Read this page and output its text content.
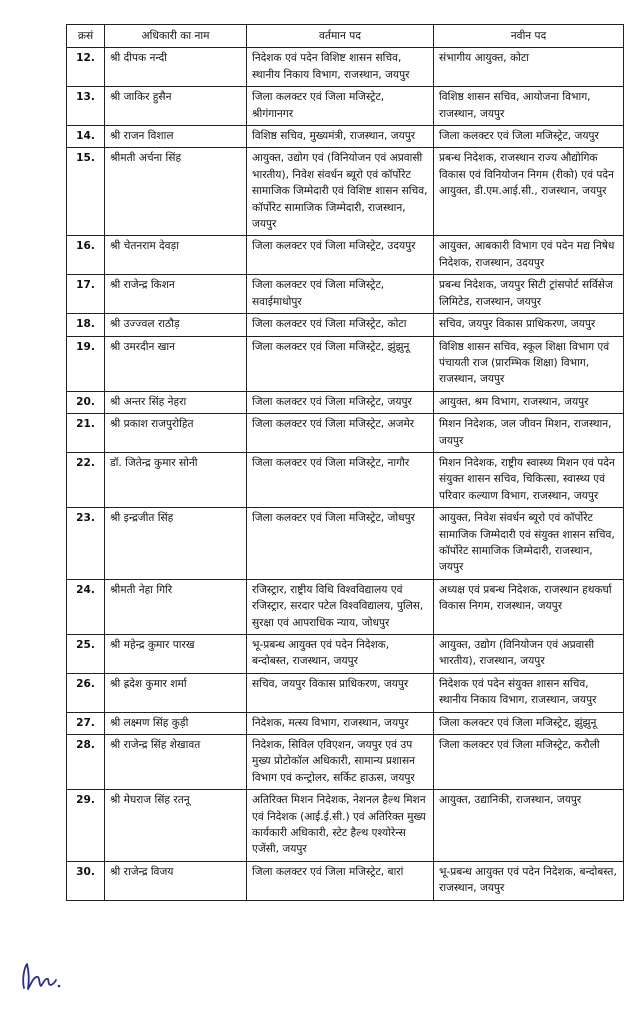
क्रसं	अधिकारी का नाम	वर्तमान पद	नवीन पद
12.	श्री दीपक नन्दी	निदेशक एवं पदेन विशिष्ट शासन सचिव, स्थानीय निकाय विभाग, राजस्थान, जयपुर	संभागीय आयुक्त, कोटा
13.	श्री जाकिर हुसैन	जिला कलक्टर एवं जिला मजिस्ट्रेट, श्रीगंगानगर	विशिष्ठ शासन सचिव, आयोजना विभाग, राजस्थान, जयपुर
14.	श्री राजन विशाल	विशिष्ठ सचिव, मुख्यमंत्री, राजस्थान, जयपुर	जिला कलक्टर एवं जिला मजिस्ट्रेट, जयपुर
15.	श्रीमती अर्चना सिंह	आयुक्त, उद्योग एवं (विनियोजन एवं अप्रवासी भारतीय), निवेश संवर्धन ब्यूरो एवं कॉर्पोरेट सामाजिक जिम्मेदारी एवं विशिष्ट शासन सचिव, कॉर्पोरेट सामाजिक जिम्मेदारी, राजस्थान, जयपुर	प्रबन्ध निदेशक, राजस्थान राज्य औद्योगिक विकास एवं विनियोजन निगम (रीको) एवं पदेन आयुक्त, डी.एम.आई.सी., राजस्थान, जयपुर
16.	श्री चेतनराम देवड़ा	जिला कलक्टर एवं जिला मजिस्ट्रेट, उदयपुर	आयुक्त, आबकारी विभाग एवं पदेन मद्य निषेध निदेशक, राजस्थान, उदयपुर
17.	श्री राजेन्द्र किशन	जिला कलक्टर एवं जिला मजिस्ट्रेट, सवाईमाधोपुर	प्रबन्ध निदेशक, जयपुर सिटी ट्रांसपोर्ट सर्विसेज लिमिटेड, राजस्थान, जयपुर
18.	श्री उज्ज्वल राठौड़	जिला कलक्टर एवं जिला मजिस्ट्रेट, कोटा	सचिव, जयपुर विकास प्राधिकरण, जयपुर
19.	श्री उमरदीन खान	जिला कलक्टर एवं जिला मजिस्ट्रेट, झुंझुनू	विशिष्ठ शासन सचिव, स्कूल शिक्षा विभाग एवं पंचायती राज (प्रारम्भिक शिक्षा) विभाग, राजस्थान, जयपुर
20.	श्री अन्तर सिंह नेहरा	जिला कलक्टर एवं जिला मजिस्ट्रेट, जयपुर	आयुक्त, श्रम विभाग, राजस्थान, जयपुर
21.	श्री प्रकाश राजपुरोहित	जिला कलक्टर एवं जिला मजिस्ट्रेट, अजमेर	मिशन निदेशक, जल जीवन मिशन, राजस्थान, जयपुर
22.	डॉ. जितेन्द्र कुमार सोनी	जिला कलक्टर एवं जिला मजिस्ट्रेट, नागौर	मिशन निदेशक, राष्ट्रीय स्वास्थ्य मिशन एवं पदेन संयुक्त शासन सचिव, चिकित्सा, स्वास्थ्य एवं परिवार कल्याण विभाग, राजस्थान, जयपुर
23.	श्री इन्द्रजीत सिंह	जिला कलक्टर एवं जिला मजिस्ट्रेट, जोधपुर	आयुक्त, निवेश संवर्धन ब्यूरो एवं कॉर्पोरेट सामाजिक जिम्मेदारी एवं संयुक्त शासन सचिव, कॉर्पोरेट सामाजिक जिम्मेदारी, राजस्थान, जयपुर
24.	श्रीमती नेहा गिरि	रजिस्ट्रार, राष्ट्रीय विधि विश्वविद्यालय एवं रजिस्ट्रार, सरदार पटेल विश्वविद्यालय, पुलिस, सुरक्षा एवं आपराधिक न्याय, जोधपुर	अध्यक्ष एवं प्रबन्ध निदेशक, राजस्थान हथकर्घा विकास निगम, राजस्थान, जयपुर
25.	श्री महेन्द्र कुमार पारख	भू-प्रबन्ध आयुक्त एवं पदेन निदेशक, बन्दोबस्त, राजस्थान, जयपुर	आयुक्त, उद्योग (विनियोजन एवं अप्रवासी भारतीय), राजस्थान, जयपुर
26.	श्री ह्रदेश कुमार शर्मा	सचिव, जयपुर विकास प्राधिकरण, जयपुर	निदेशक एवं पदेन संयुक्त शासन सचिव, स्थानीय निकाय विभाग, राजस्थान, जयपुर
27.	श्री लक्ष्मण सिंह कुड़ी	निदेशक, मत्स्य विभाग, राजस्थान, जयपुर	जिला कलक्टर एवं जिला मजिस्ट्रेट, झुंझुनू
28.	श्री राजेन्द्र सिंह शेखावत	निदेशक, सिविल एविएशन, जयपुर एवं उप मुख्य प्रोटोकॉल अधिकारी, सामान्य प्रशासन विभाग एवं कन्ट्रोलर, सर्किट हाऊस, जयपुर	जिला कलक्टर एवं जिला मजिस्ट्रेट, करौली
29.	श्री मेघराज सिंह रतनू	अतिरिक्त मिशन निदेशक, नेशनल हैल्थ मिशन एवं निदेशक (आई.ई.सी.) एवं अतिरिक्त मुख्य कार्यकारी अधिकारी, स्टेट हैल्थ एश्योरेन्स एजेंसी, जयपुर	आयुक्त, उद्यानिकी, राजस्थान, जयपुर
30.	श्री राजेन्द्र विजय	जिला कलक्टर एवं जिला मजिस्ट्रेट, बारां	भू-प्रबन्ध आयुक्त एवं पदेन निदेशक, बन्दोबस्त, राजस्थान, जयपुर
